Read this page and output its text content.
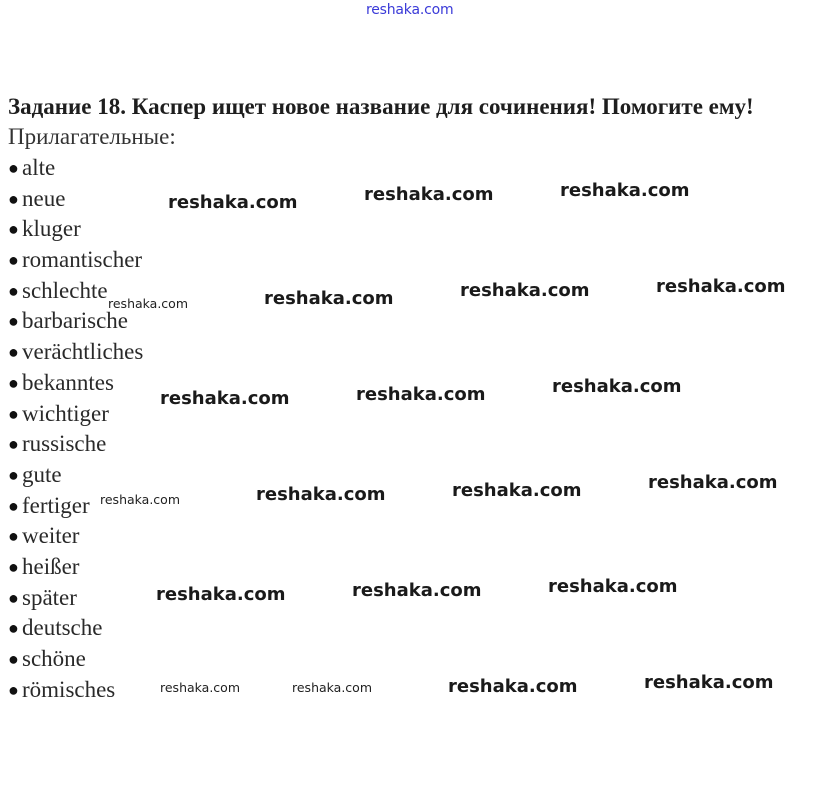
reshaka.com
Задание 18. Каспер ищет новое название для сочинения! Помогите ему!
Прилагательные:
● alte
● neue
● kluger
● romantischer
● schlechte
● barbarische
● verächtliches
● bekanntes
● wichtiger
● russische
● gute
● fertiger
● weiter
● heißer
● später
● deutsche
● schöne
● römisches
reshaka.com	reshaka.com	reshaka.com
reshaka.com	reshaka.com	reshaka.com	reshaka.com
reshaka.com	reshaka.com	reshaka.com
reshaka.com	reshaka.com	reshaka.com	reshaka.com
reshaka.com	reshaka.com	reshaka.com
reshaka.com	reshaka.com	reshaka.com	reshaka.com
